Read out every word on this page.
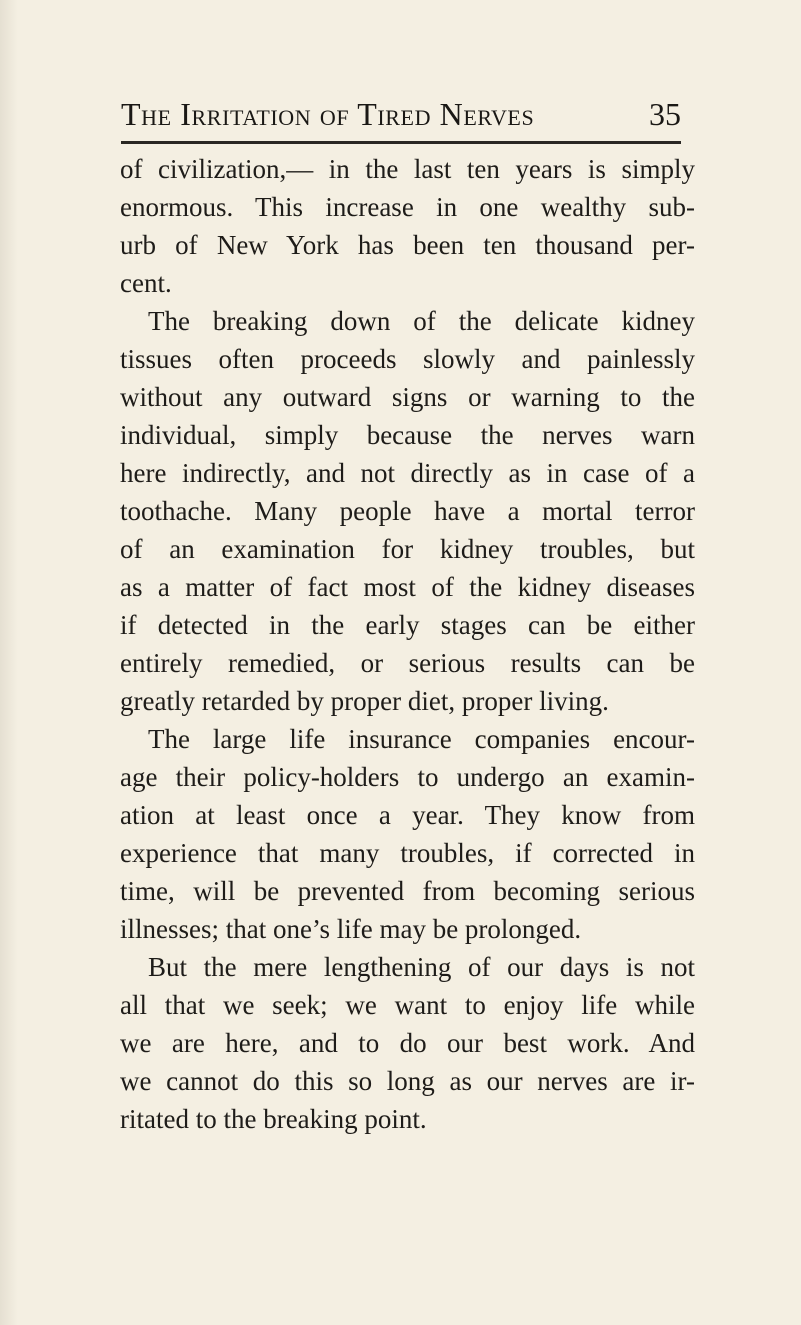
The Irritation of Tired Nerves	35
of civilization,— in the last ten years is simply
enormous. This increase in one wealthy sub-
urb of New York has been ten thousand per-
cent.
The breaking down of the delicate kidney
tissues often proceeds slowly and painlessly
without any outward signs or warning to the
individual, simply because the nerves warn
here indirectly, and not directly as in case of a
toothache. Many people have a mortal terror
of an examination for kidney troubles, but
as a matter of fact most of the kidney diseases
if detected in the early stages can be either
entirely remedied, or serious results can be
greatly retarded by proper diet, proper living.
The large life insurance companies encour-
age their policy-holders to undergo an examin-
ation at least once a year. They know from
experience that many troubles, if corrected in
time, will be prevented from becoming serious
illnesses; that one’s life may be prolonged.
But the mere lengthening of our days is not
all that we seek; we want to enjoy life while
we are here, and to do our best work. And
we cannot do this so long as our nerves are ir-
ritated to the breaking point.
